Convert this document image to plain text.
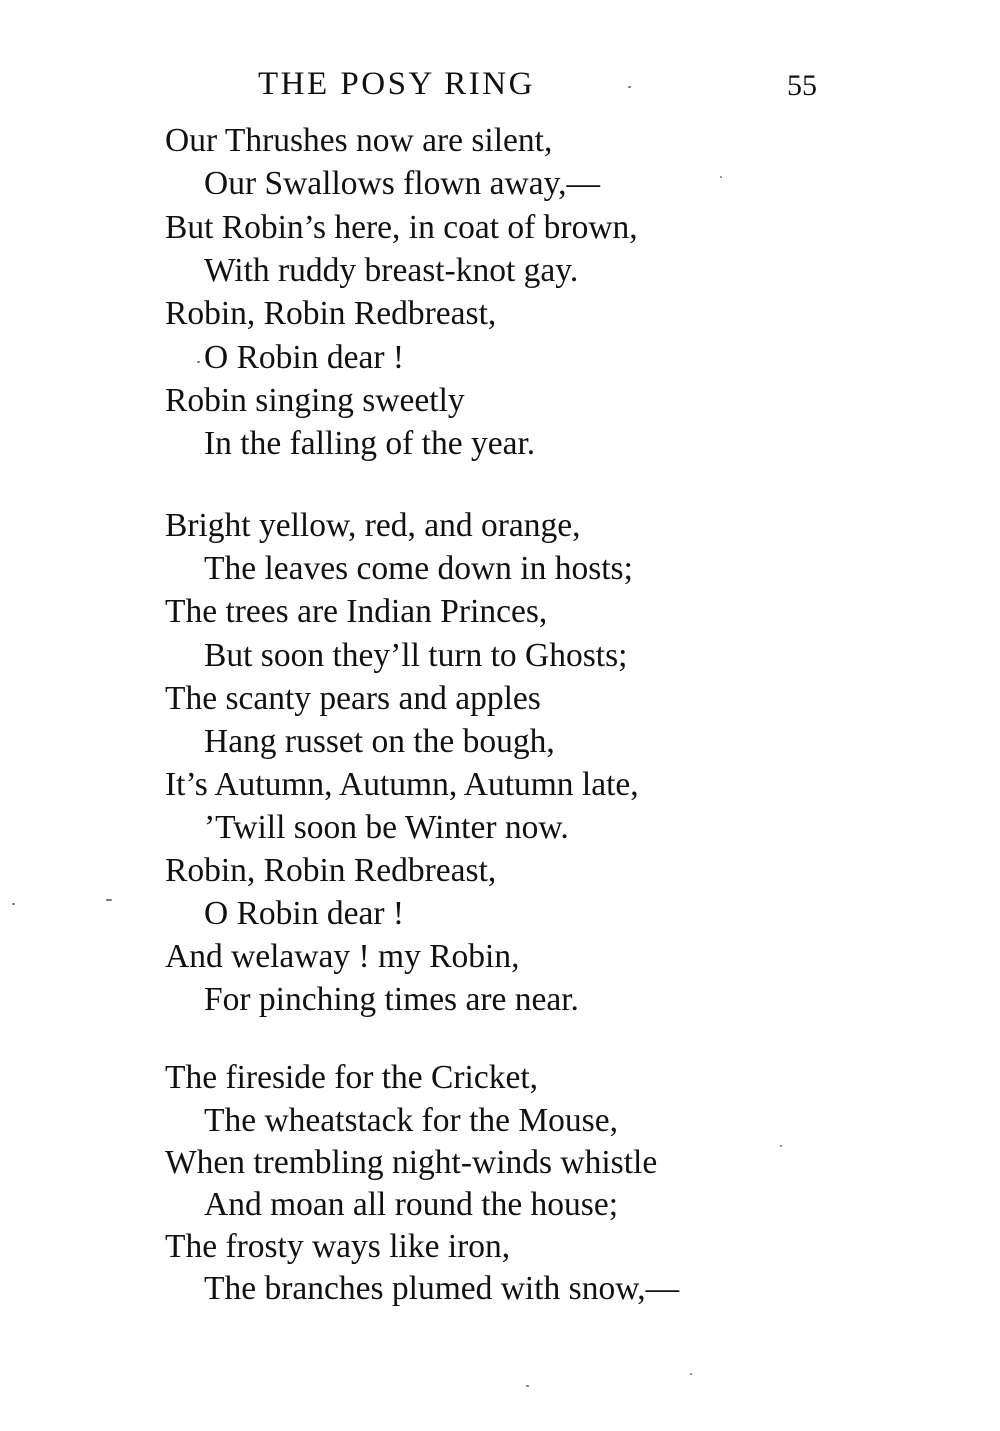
THE POSY RING	55
Our Thrushes now are silent,
Our Swallows flown away,—
But Robin’s here, in coat of brown,
With ruddy breast-knot gay.
Robin, Robin Redbreast,
O Robin dear !
Robin singing sweetly
In the falling of the year.
Bright yellow, red, and orange,
The leaves come down in hosts;
The trees are Indian Princes,
But soon they’ll turn to Ghosts;
The scanty pears and apples
Hang russet on the bough,
It’s Autumn, Autumn, Autumn late,
’Twill soon be Winter now.
Robin, Robin Redbreast,
O Robin dear !
And welaway ! my Robin,
For pinching times are near.
The fireside for the Cricket,
The wheatstack for the Mouse,
When trembling night-winds whistle
And moan all round the house;
The frosty ways like iron,
The branches plumed with snow,—
